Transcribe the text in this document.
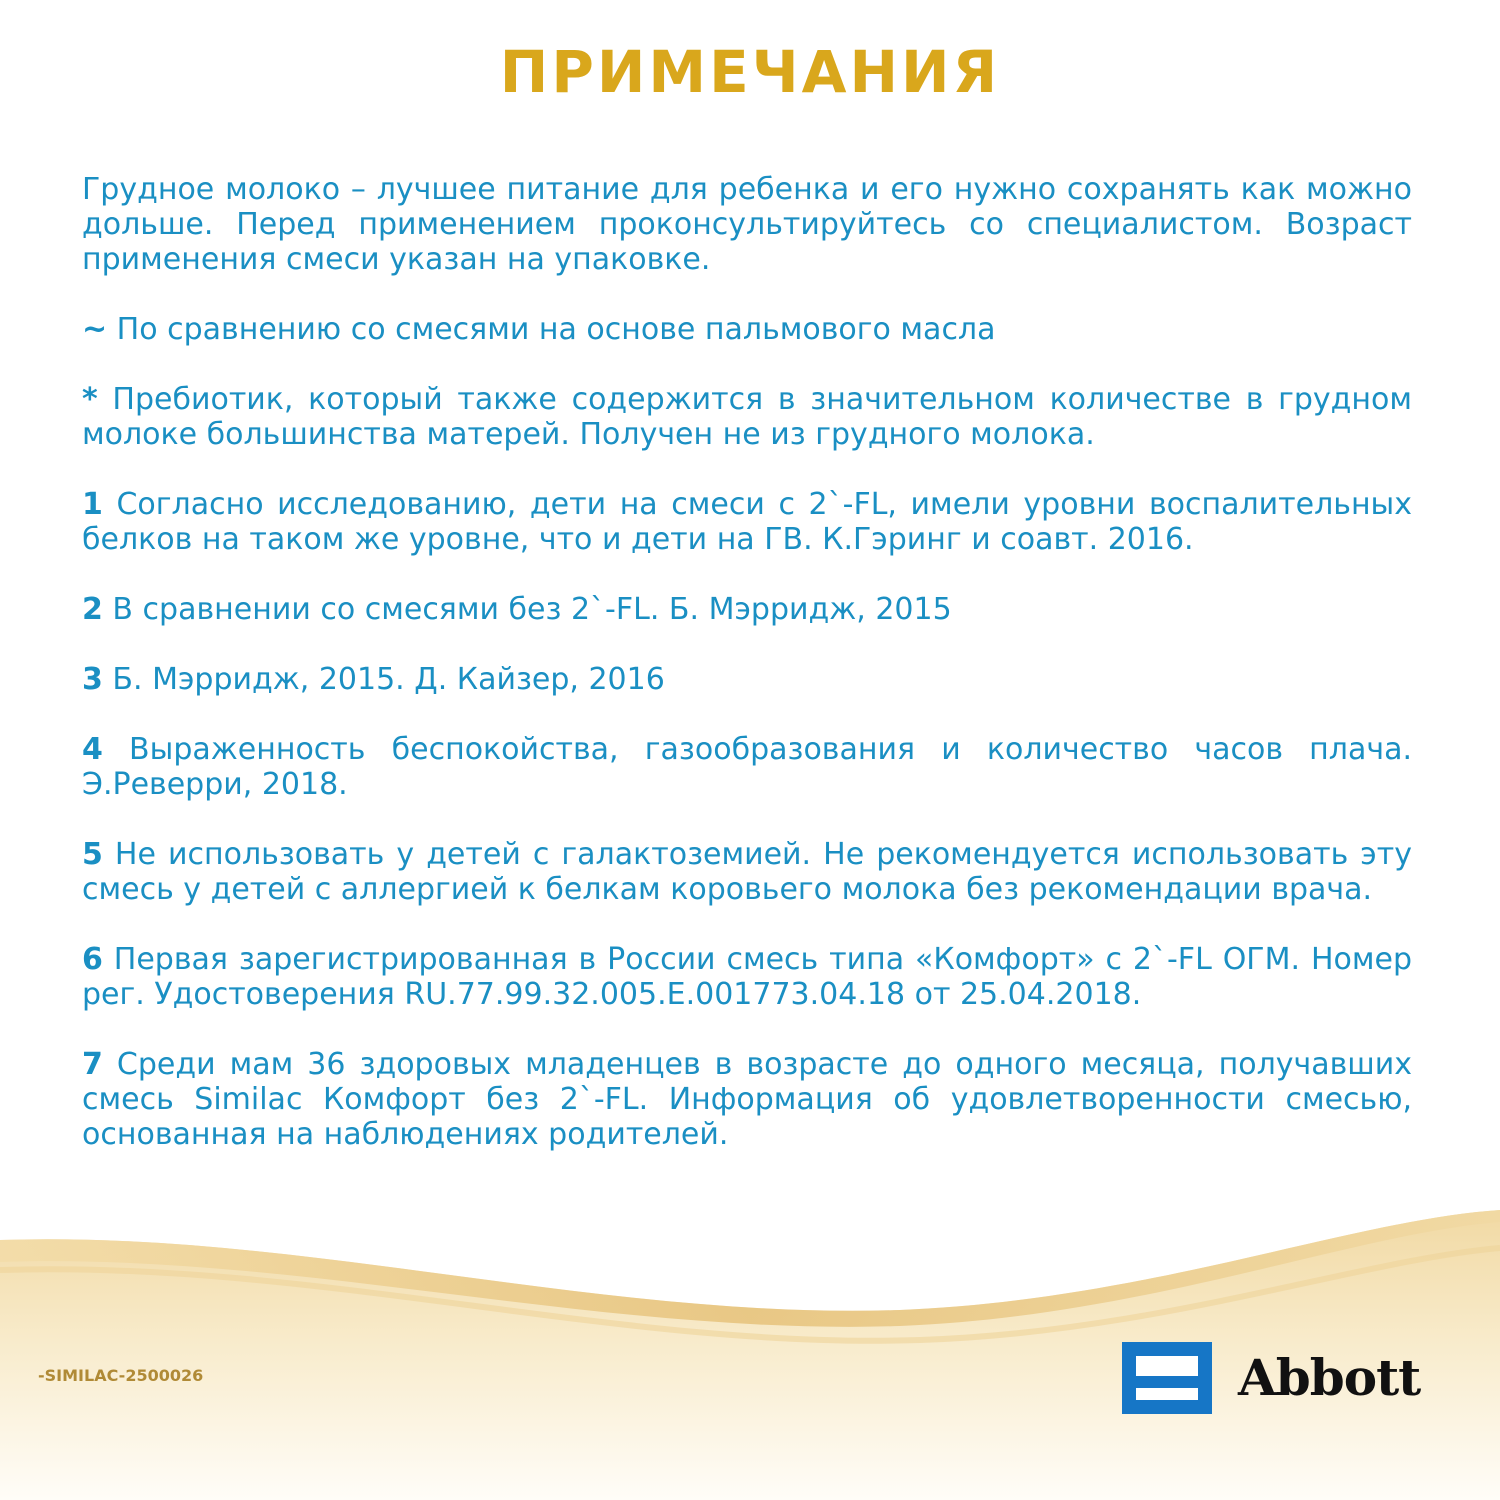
ПРИМЕЧАНИЯ

Грудное молоко – лучшее питание для ребенка и его нужно сохранять как можно дольше. Перед применением проконсультируйтесь со специалистом. Возраст применения смеси указан на упаковке.

~ По сравнению со смесями на основе пальмового масла

* Пребиотик, который также содержится в значительном количестве в грудном молоке большинства матерей. Получен не из грудного молока.

1 Согласно исследованию, дети на смеси с 2`-FL, имели уровни воспалительных белков на таком же уровне, что и дети на ГВ. К.Гэринг и соавт. 2016.

2 В сравнении со смесями без 2`-FL. Б. Мэрридж, 2015

3 Б. Мэрридж, 2015. Д. Кайзер, 2016

4 Выраженность беспокойства, газообразования и количество часов плача. Э.Реверри, 2018.

5 Не использовать у детей с галактоземией. Не рекомендуется использовать эту смесь у детей с аллергией к белкам коровьего молока без рекомендации врача.

6 Первая зарегистрированная в России смесь типа «Комфорт» с 2`-FL ОГМ. Номер рег. Удостоверения RU.77.99.32.005.E.001773.04.18 от 25.04.2018.

7 Среди мам 36 здоровых младенцев в возрасте до одного месяца, получавших смесь Similac Комфорт без 2`-FL. Информация об удовлетворенности смесью, основанная на наблюдениях родителей.

-SIMILAC-2500026	Abbott
